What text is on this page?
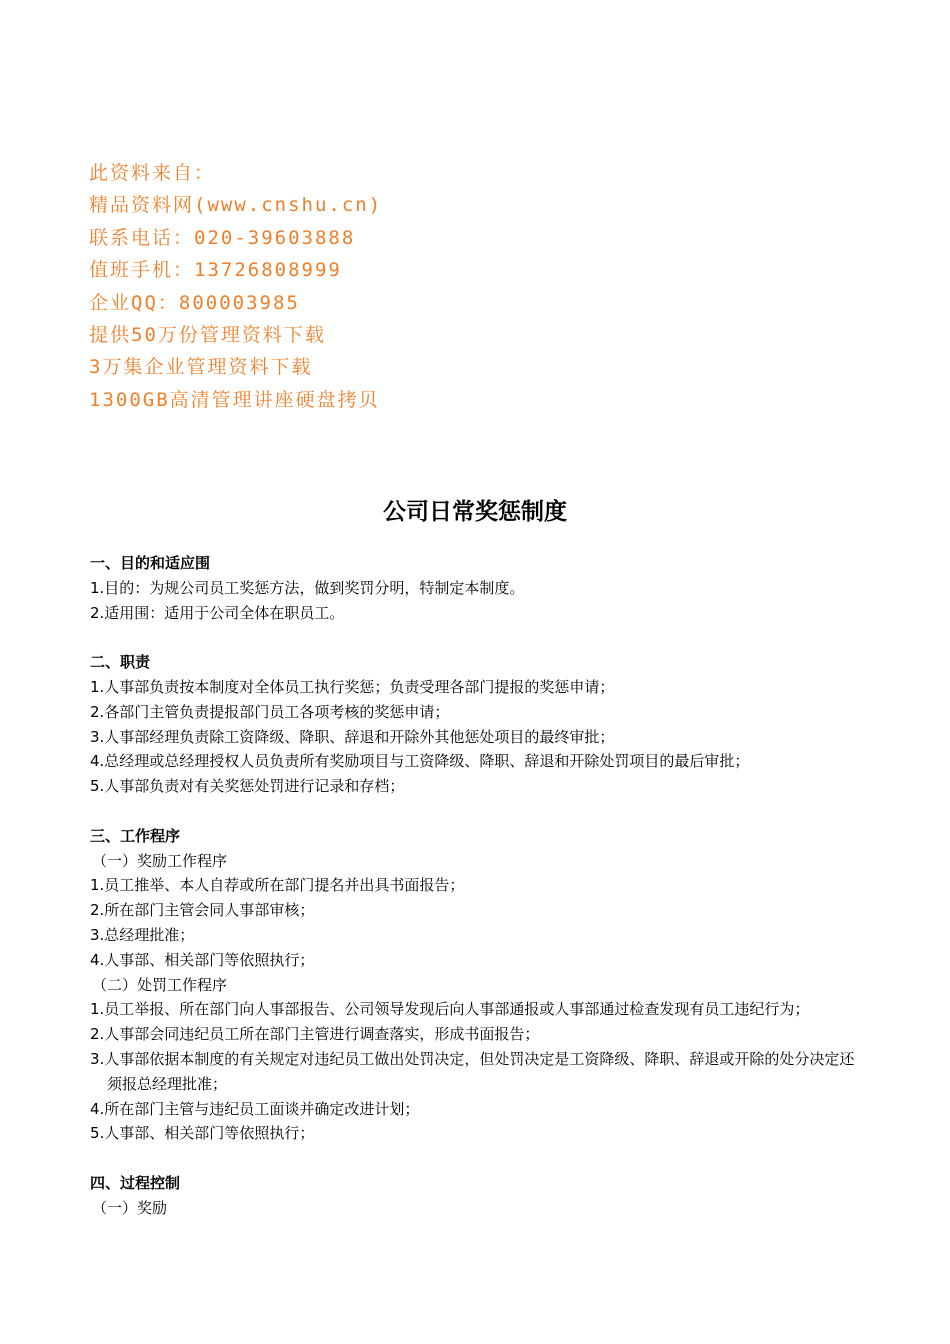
此资料来自：
精品资料网(www.cnshu.cn)
联系电话：020-39603888
值班手机：13726808999
企业QQ：800003985
提供50万份管理资料下载
3万集企业管理资料下载
1300GB高清管理讲座硬盘拷贝
公司日常奖惩制度
一、目的和适应围
1.目的：为规公司员工奖惩方法，做到奖罚分明，特制定本制度。
2.适用围：适用于公司全体在职员工。
二、职责
1.人事部负责按本制度对全体员工执行奖惩；负责受理各部门提报的奖惩申请；
2.各部门主管负责提报部门员工各项考核的奖惩申请；
3.人事部经理负责除工资降级、降职、辞退和开除外其他惩处项目的最终审批；
4.总经理或总经理授权人员负责所有奖励项目与工资降级、降职、辞退和开除处罚项目的最后审批；
5.人事部负责对有关奖惩处罚进行记录和存档；
三、工作程序
（一）奖励工作程序
1.员工推举、本人自荐或所在部门提名并出具书面报告；
2.所在部门主管会同人事部审核；
3.总经理批准；
4.人事部、相关部门等依照执行；
（二）处罚工作程序
1.员工举报、所在部门向人事部报告、公司领导发现后向人事部通报或人事部通过检查发现有员工违纪行为；
2.人事部会同违纪员工所在部门主管进行调查落实，形成书面报告；
3.人事部依据本制度的有关规定对违纪员工做出处罚决定，但处罚决定是工资降级、降职、辞退或开除的处分决定还须报总经理批准；
4.所在部门主管与违纪员工面谈并确定改进计划；
5.人事部、相关部门等依照执行；
四、过程控制
（一）奖励
